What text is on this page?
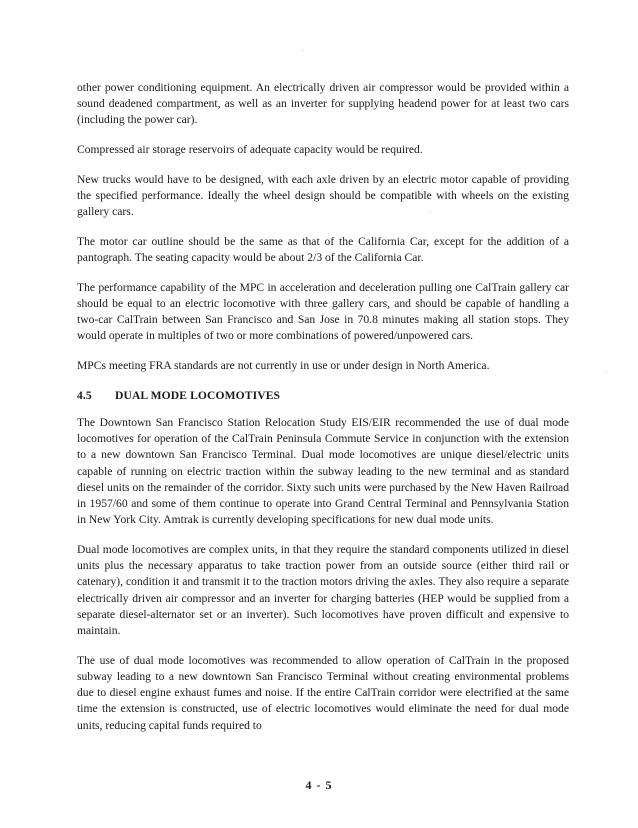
other power conditioning equipment. An electrically driven air compressor would be provided within a sound deadened compartment, as well as an inverter for supplying headend power for at least two cars (including the power car).

Compressed air storage reservoirs of adequate capacity would be required.

New trucks would have to be designed, with each axle driven by an electric motor capable of providing the specified performance. Ideally the wheel design should be compatible with wheels on the existing gallery cars.

The motor car outline should be the same as that of the California Car, except for the addition of a pantograph. The seating capacity would be about 2/3 of the California Car.

The performance capability of the MPC in acceleration and deceleration pulling one CalTrain gallery car should be equal to an electric locomotive with three gallery cars, and should be capable of handling a two-car CalTrain between San Francisco and San Jose in 70.8 minutes making all station stops. They would operate in multiples of two or more combinations of powered/unpowered cars.

MPCs meeting FRA standards are not currently in use or under design in North America.

4.5 DUAL MODE LOCOMOTIVES

The Downtown San Francisco Station Relocation Study EIS/EIR recommended the use of dual mode locomotives for operation of the CalTrain Peninsula Commute Service in conjunction with the extension to a new downtown San Francisco Terminal. Dual mode locomotives are unique diesel/electric units capable of running on electric traction within the subway leading to the new terminal and as standard diesel units on the remainder of the corridor. Sixty such units were purchased by the New Haven Railroad in 1957/60 and some of them continue to operate into Grand Central Terminal and Pennsylvania Station in New York City. Amtrak is currently developing specifications for new dual mode units.

Dual mode locomotives are complex units, in that they require the standard components utilized in diesel units plus the necessary apparatus to take traction power from an outside source (either third rail or catenary), condition it and transmit it to the traction motors driving the axles. They also require a separate electrically driven air compressor and an inverter for charging batteries (HEP would be supplied from a separate diesel-alternator set or an inverter). Such locomotives have proven difficult and expensive to maintain.

The use of dual mode locomotives was recommended to allow operation of CalTrain in the proposed subway leading to a new downtown San Francisco Terminal without creating environmental problems due to diesel engine exhaust fumes and noise. If the entire CalTrain corridor were electrified at the same time the extension is constructed, use of electric locomotives would eliminate the need for dual mode units, reducing capital funds required to

4 - 5
